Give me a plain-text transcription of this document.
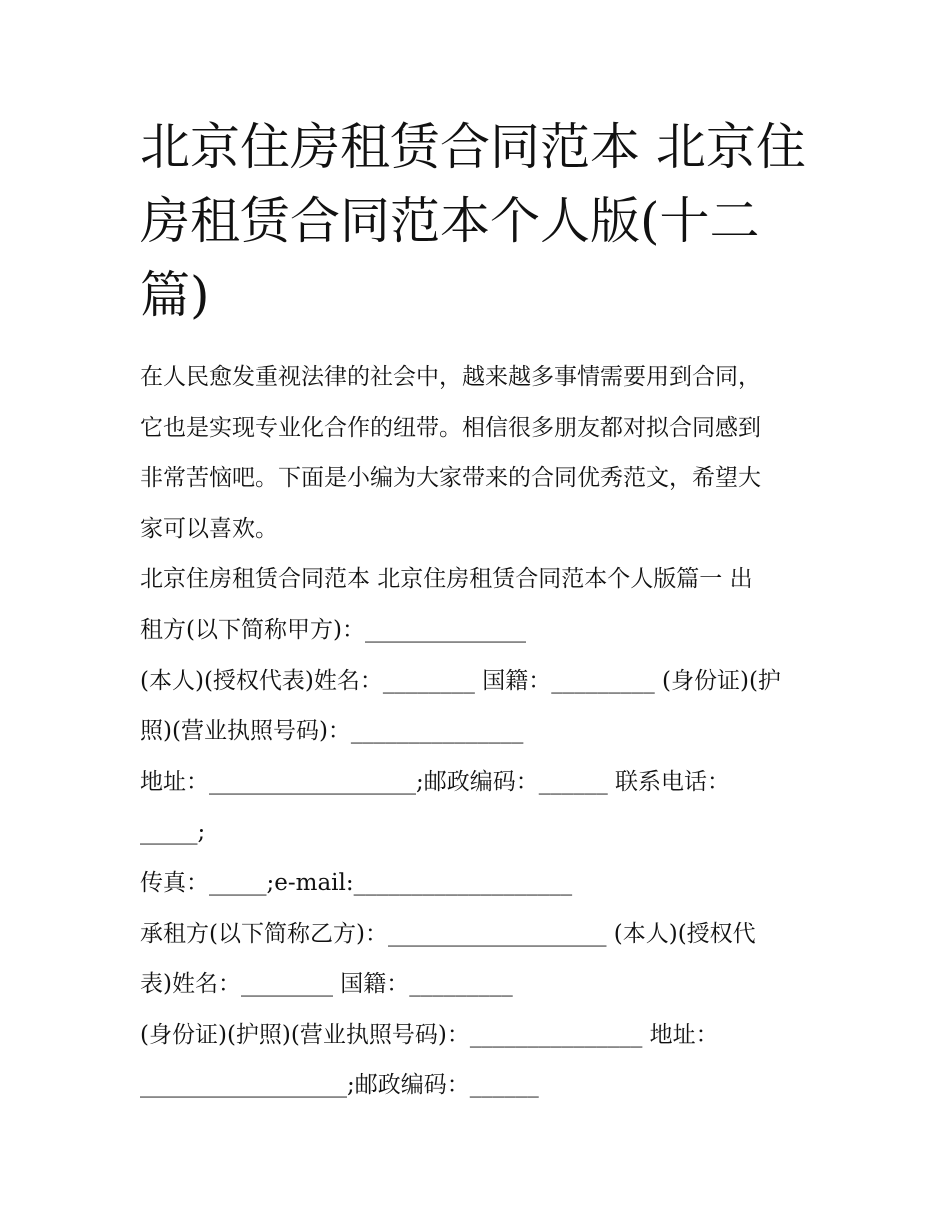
北京住房租赁合同范本 北京住
房租赁合同范本个人版(十二
篇)
在人民愈发重视法律的社会中，越来越多事情需要用到合同，
它也是实现专业化合作的纽带。相信很多朋友都对拟合同感到
非常苦恼吧。下面是小编为大家带来的合同优秀范文，希望大
家可以喜欢。
北京住房租赁合同范本 北京住房租赁合同范本个人版篇一 出
租方(以下简称甲方)：______________
(本人)(授权代表)姓名：________ 国籍：_________ (身份证)(护
照)(营业执照号码)：_______________
地址：__________________;邮政编码：______ 联系电话：
_____;
传真：_____;e-mail:___________________
承租方(以下简称乙方)：___________________ (本人)(授权代
表)姓名：________ 国籍：_________
(身份证)(护照)(营业执照号码)：_______________ 地址：
__________________;邮政编码：______
